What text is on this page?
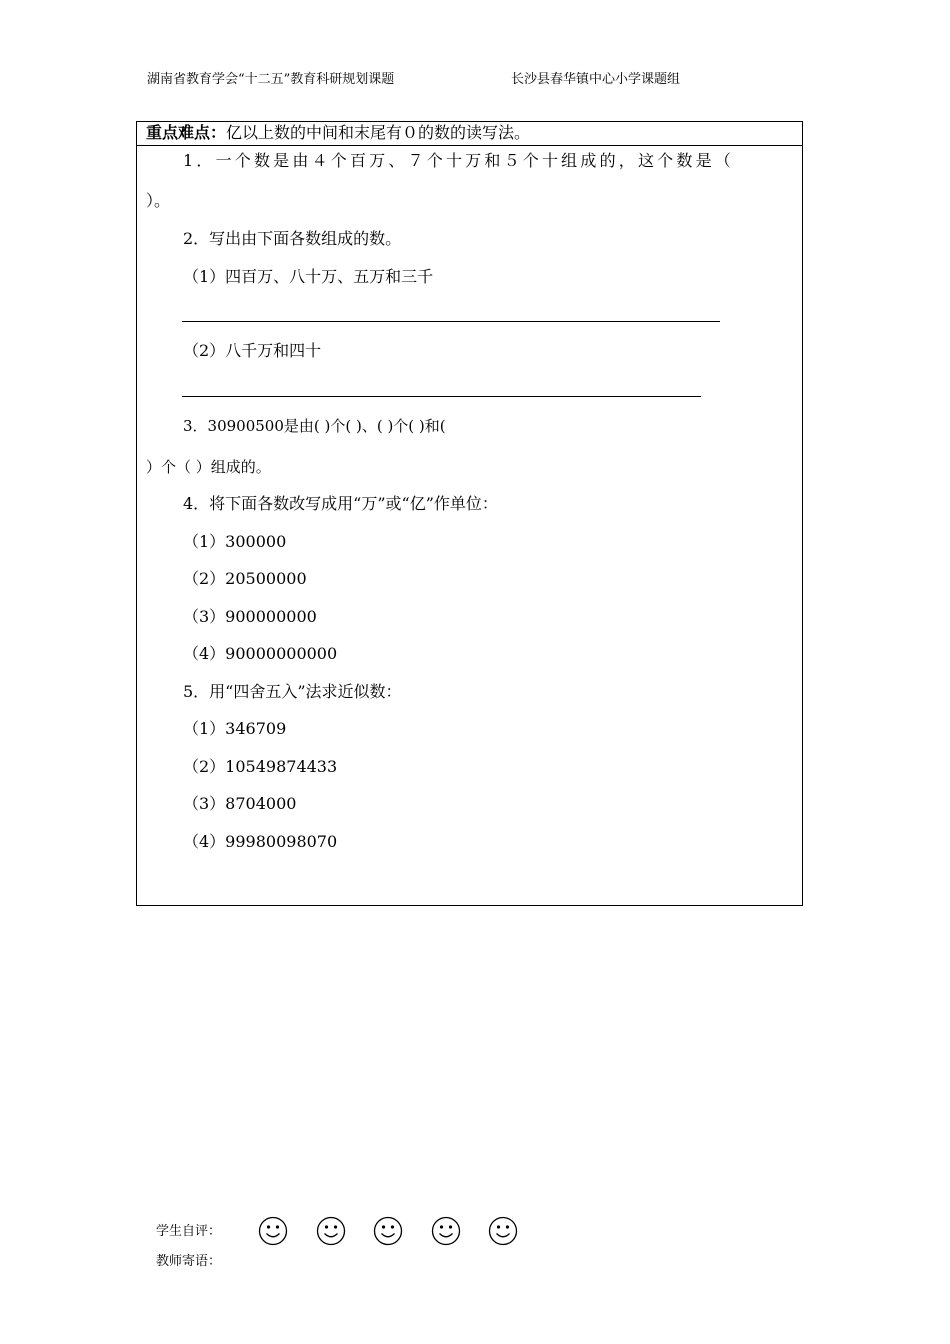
湖南省教育学会“十二五”教育科研规划课题	长沙县春华镇中心小学课题组
重点难点：亿以上数的中间和末尾有０的数的读写法。
1．一个数是由４个百万、７个十万和５个十组成的，这个数是（
）。
2．写出由下面各数组成的数。
（1）四百万、八十万、五万和三千
（2）八千万和四十
3．30900500是由( )个( )、( )个( )和(
）个（ ）组成的。
4．将下面各数改写成用“万”或“亿”作单位：
（1）300000
（2）20500000
（3）900000000
（4）90000000000
5．用“四舍五入”法求近似数：
（1）346709
（2）10549874433
（3）8704000
（4）99980098070
学生自评：
教师寄语：
